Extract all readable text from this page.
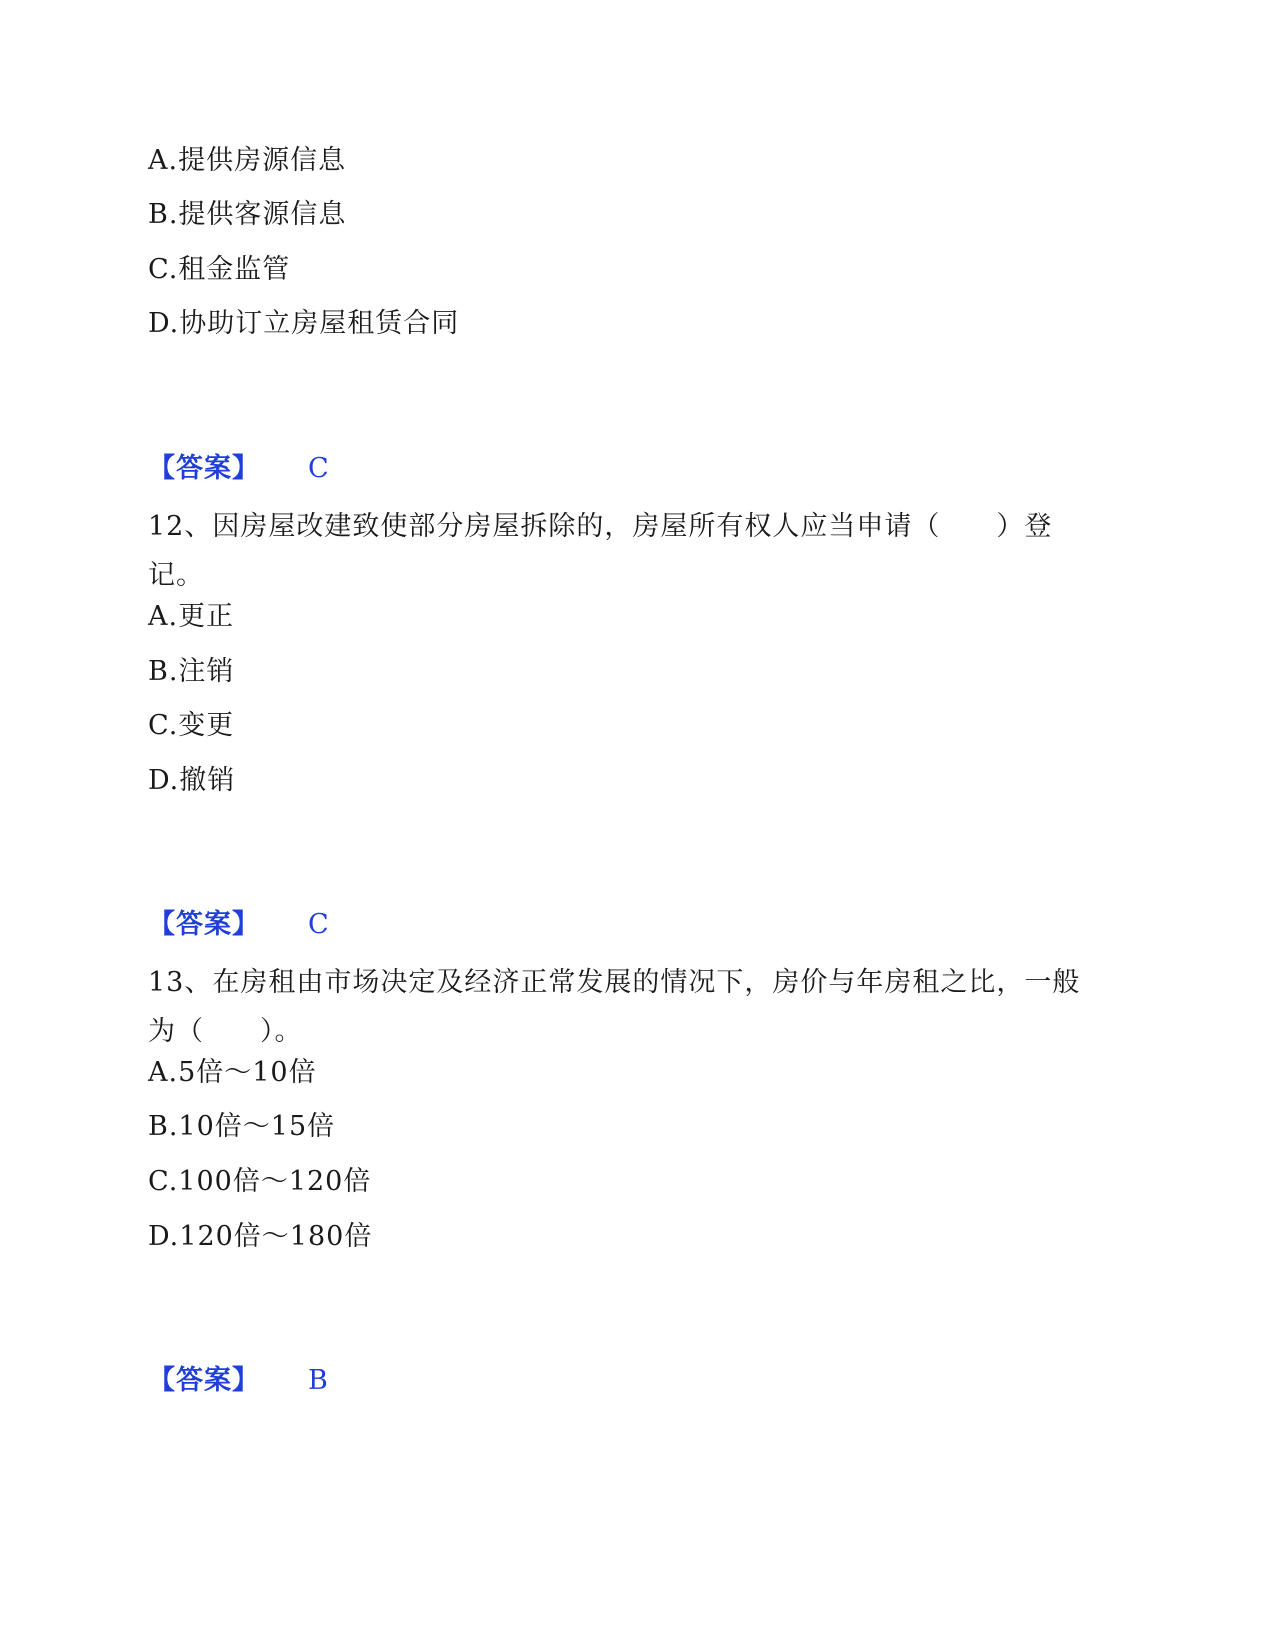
A.提供房源信息
B.提供客源信息
C.租金监管
D.协助订立房屋租赁合同
【答案】 C
12、因房屋改建致使部分房屋拆除的，房屋所有权人应当申请（　　）登记。
A.更正
B.注销
C.变更
D.撤销
【答案】 C
13、在房租由市场决定及经济正常发展的情况下，房价与年房租之比，一般为（　　）。
A.5倍～10倍
B.10倍～15倍
C.100倍～120倍
D.120倍～180倍
【答案】 B
